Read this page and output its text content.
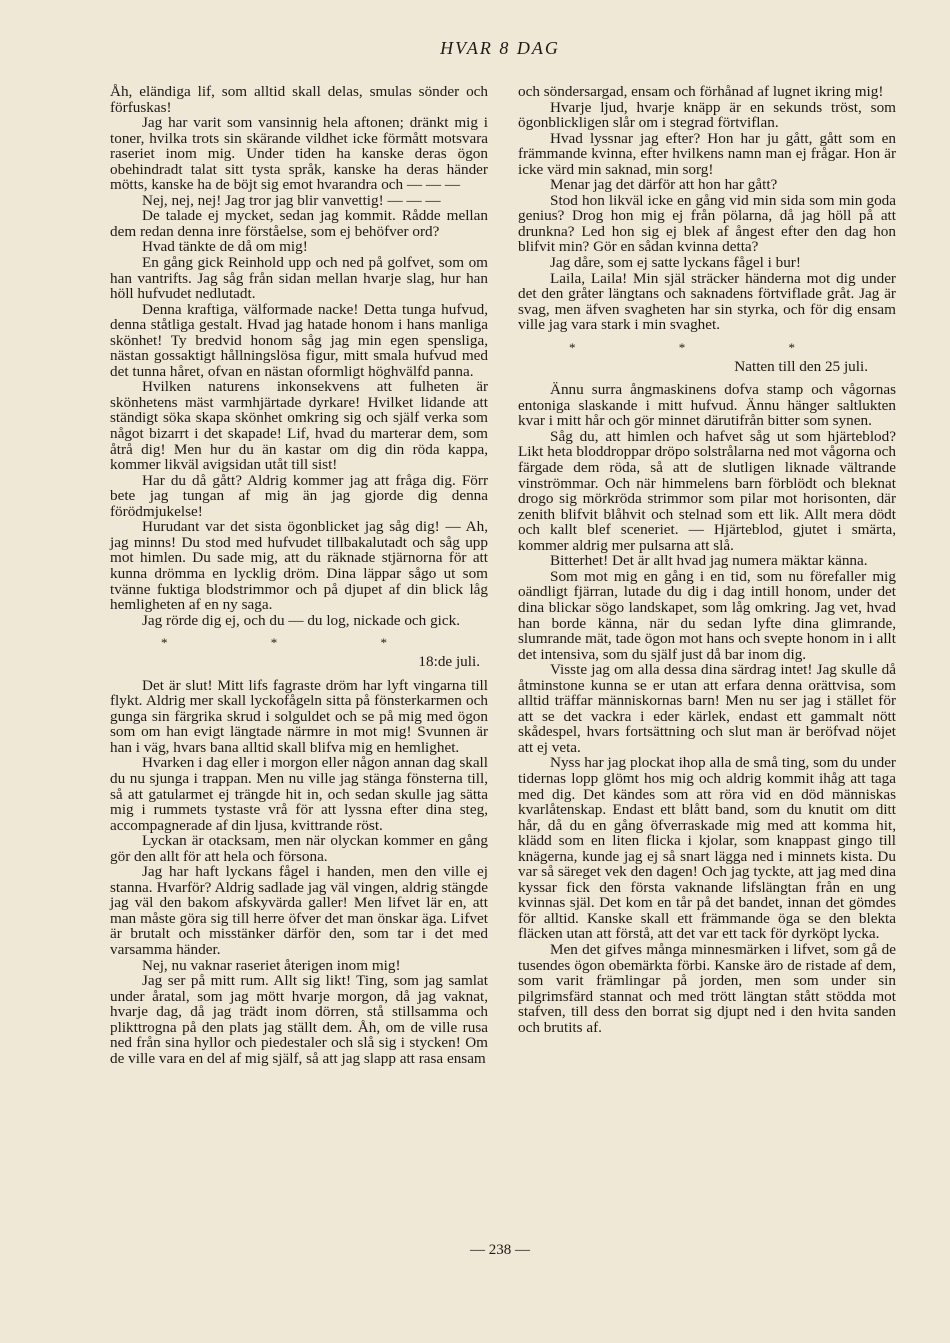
HVAR 8 DAG

Åh, eländiga lif, som alltid skall delas, smulas sönder och förfuskas!

Jag har varit som vansinnig hela aftonen; dränkt mig i toner, hvilka trots sin skärande vildhet icke förmått motsvara raseriet inom mig. Under tiden ha kanske deras ögon obehindradt talat sitt tysta språk, kanske ha deras händer mötts, kanske ha de böjt sig emot hvarandra och — — —

Nej, nej, nej! Jag tror jag blir vanvettig! — — —

De talade ej mycket, sedan jag kommit. Rådde mellan dem redan denna inre förståelse, som ej behöfver ord?

Hvad tänkte de då om mig!

En gång gick Reinhold upp och ned på golfvet, som om han vantrifts. Jag såg från sidan mellan hvarje slag, hur han höll hufvudet nedlutadt.

Denna kraftiga, välformade nacke! Detta tunga hufvud, denna ståtliga gestalt. Hvad jag hatade honom i hans manliga skönhet! Ty bredvid honom såg jag min egen spensliga, nästan gossaktigt hållningslösa figur, mitt smala hufvud med det tunna håret, ofvan en nästan oformligt höghvälfd panna.

Hvilken naturens inkonsekvens att fulheten är skönhetens mäst varmhjärtade dyrkare! Hvilket lidande att ständigt söka skapa skönhet omkring sig och själf verka som något bizarrt i det skapade! Lif, hvad du marterar dem, som åtrå dig! Men hur du än kastar om dig din röda kappa, kommer likväl avigsidan utåt till sist!

Har du då gått? Aldrig kommer jag att fråga dig. Förr bete jag tungan af mig än jag gjorde dig denna förödmjukelse!

Hurudant var det sista ögonblicket jag såg dig! — Ah, jag minns! Du stod med hufvudet tillbakalutadt och såg upp mot himlen. Du sade mig, att du räknade stjärnorna för att kunna drömma en lycklig dröm. Dina läppar sågo ut som tvänne fuktiga blodstrimmor och på djupet af din blick låg hemligheten af en ny saga.

Jag rörde dig ej, och du — du log, nickade och gick.

* * *
18:de juli.

Det är slut! Mitt lifs fagraste dröm har lyft vingarna till flykt. Aldrig mer skall lyckofågeln sitta på fönsterkarmen och gunga sin färgrika skrud i solguldet och se på mig med ögon som om han evigt längtade närmre in mot mig! Svunnen är han i väg, hvars bana alltid skall blifva mig en hemlighet.

Hvarken i dag eller i morgon eller någon annan dag skall du nu sjunga i trappan. Men nu ville jag stänga fönsterna till, så att gatularmet ej trängde hit in, och sedan skulle jag sätta mig i rummets tystaste vrå för att lyssna efter dina steg, accompagnerade af din ljusa, kvittrande röst.

Lyckan är otacksam, men när olyckan kommer en gång gör den allt för att hela och försona.

Jag har haft lyckans fågel i handen, men den ville ej stanna. Hvarför? Aldrig sadlade jag väl vingen, aldrig stängde jag väl den bakom afskyvärda galler! Men lifvet lär en, att man måste göra sig till herre öfver det man önskar äga. Lifvet är brutalt och misstänker därför den, som tar i det med varsamma händer.

Nej, nu vaknar raseriet återigen inom mig!

Jag ser på mitt rum. Allt sig likt! Ting, som jag samlat under åratal, som jag mött hvarje morgon, då jag vaknat, hvarje dag, då jag trädt inom dörren, stå stillsamma och plikttrogna på den plats jag ställt dem. Åh, om de ville rusa ned från sina hyllor och piedestaler och slå sig i stycken! Om de ville vara en del af mig själf, så att jag slapp att rasa ensam

och söndersargad, ensam och förhånad af lugnet ikring mig!

Hvarje ljud, hvarje knäpp är en sekunds tröst, som ögonblickligen slår om i stegrad förtviflan.

Hvad lyssnar jag efter? Hon har ju gått, gått som en främmande kvinna, efter hvilkens namn man ej frågar. Hon är icke värd min saknad, min sorg!

Menar jag det därför att hon har gått?

Stod hon likväl icke en gång vid min sida som min goda genius? Drog hon mig ej från pölarna, då jag höll på att drunkna? Led hon sig ej blek af ångest efter den dag hon blifvit min? Gör en sådan kvinna detta?

Jag dåre, som ej satte lyckans fågel i bur!

Laila, Laila! Min själ sträcker händerna mot dig under det den gråter längtans och saknadens förtviflade gråt. Jag är svag, men äfven svagheten har sin styrka, och för dig ensam ville jag vara stark i min svaghet.

* * *
Natten till den 25 juli.

Ännu surra ångmaskinens dofva stamp och vågornas entoniga slaskande i mitt hufvud. Ännu hänger saltlukten kvar i mitt hår och gör minnet därutifrån bitter som synen.

Såg du, att himlen och hafvet såg ut som hjärteblod? Likt heta bloddroppar dröpo solstrålarna ned mot vågorna och färgade dem röda, så att de slutligen liknade vältrande vinströmmar. Och när himmelens barn förblödt och bleknat drogo sig mörkröda strimmor som pilar mot horisonten, där zenith blifvit blåhvit och stelnad som ett lik. Allt mera dödt och kallt blef sceneriet. — Hjärteblod, gjutet i smärta, kommer aldrig mer pulsarna att slå.

Bitterhet! Det är allt hvad jag numera mäktar känna.

Som mot mig en gång i en tid, som nu förefaller mig oändligt fjärran, lutade du dig i dag intill honom, under det dina blickar sögo landskapet, som låg omkring. Jag vet, hvad han borde känna, när du sedan lyfte dina glimrande, slumrande mät, tade ögon mot hans och svepte honom in i allt det intensiva, som du själf just då bar inom dig.

Visste jag om alla dessa dina särdrag intet! Jag skulle då åtminstone kunna se er utan att erfara denna orättvisa, som alltid träffar människornas barn! Men nu ser jag i stället för att se det vackra i eder kärlek, endast ett gammalt nött skådespel, hvars fortsättning och slut man är beröfvad nöjet att ej veta.

Nyss har jag plockat ihop alla de små ting, som du under tidernas lopp glömt hos mig och aldrig kommit ihåg att taga med dig. Det kändes som att röra vid en död människas kvarlåtenskap. Endast ett blått band, som du knutit om ditt hår, då du en gång öfverraskade mig med att komma hit, klädd som en liten flicka i kjolar, som knappast gingo till knägerna, kunde jag ej så snart lägga ned i minnets kista. Du var så säreget vek den dagen! Och jag tyckte, att jag med dina kyssar fick den första vaknande lifslängtan från en ung kvinnas själ. Det kom en tår på det bandet, innan det gömdes för alltid. Kanske skall ett främmande öga se den blekta fläcken utan att förstå, att det var ett tack för dyrköpt lycka.

Men det gifves många minnesmärken i lifvet, som gå de tusendes ögon obemärkta förbi. Kanske äro de ristade af dem, som varit främlingar på jorden, men som under sin pilgrimsfärd stannat och med trött längtan stått stödda mot stafven, till dess den borrat sig djupt ned i den hvita sanden och brutits af.

— 238 —
